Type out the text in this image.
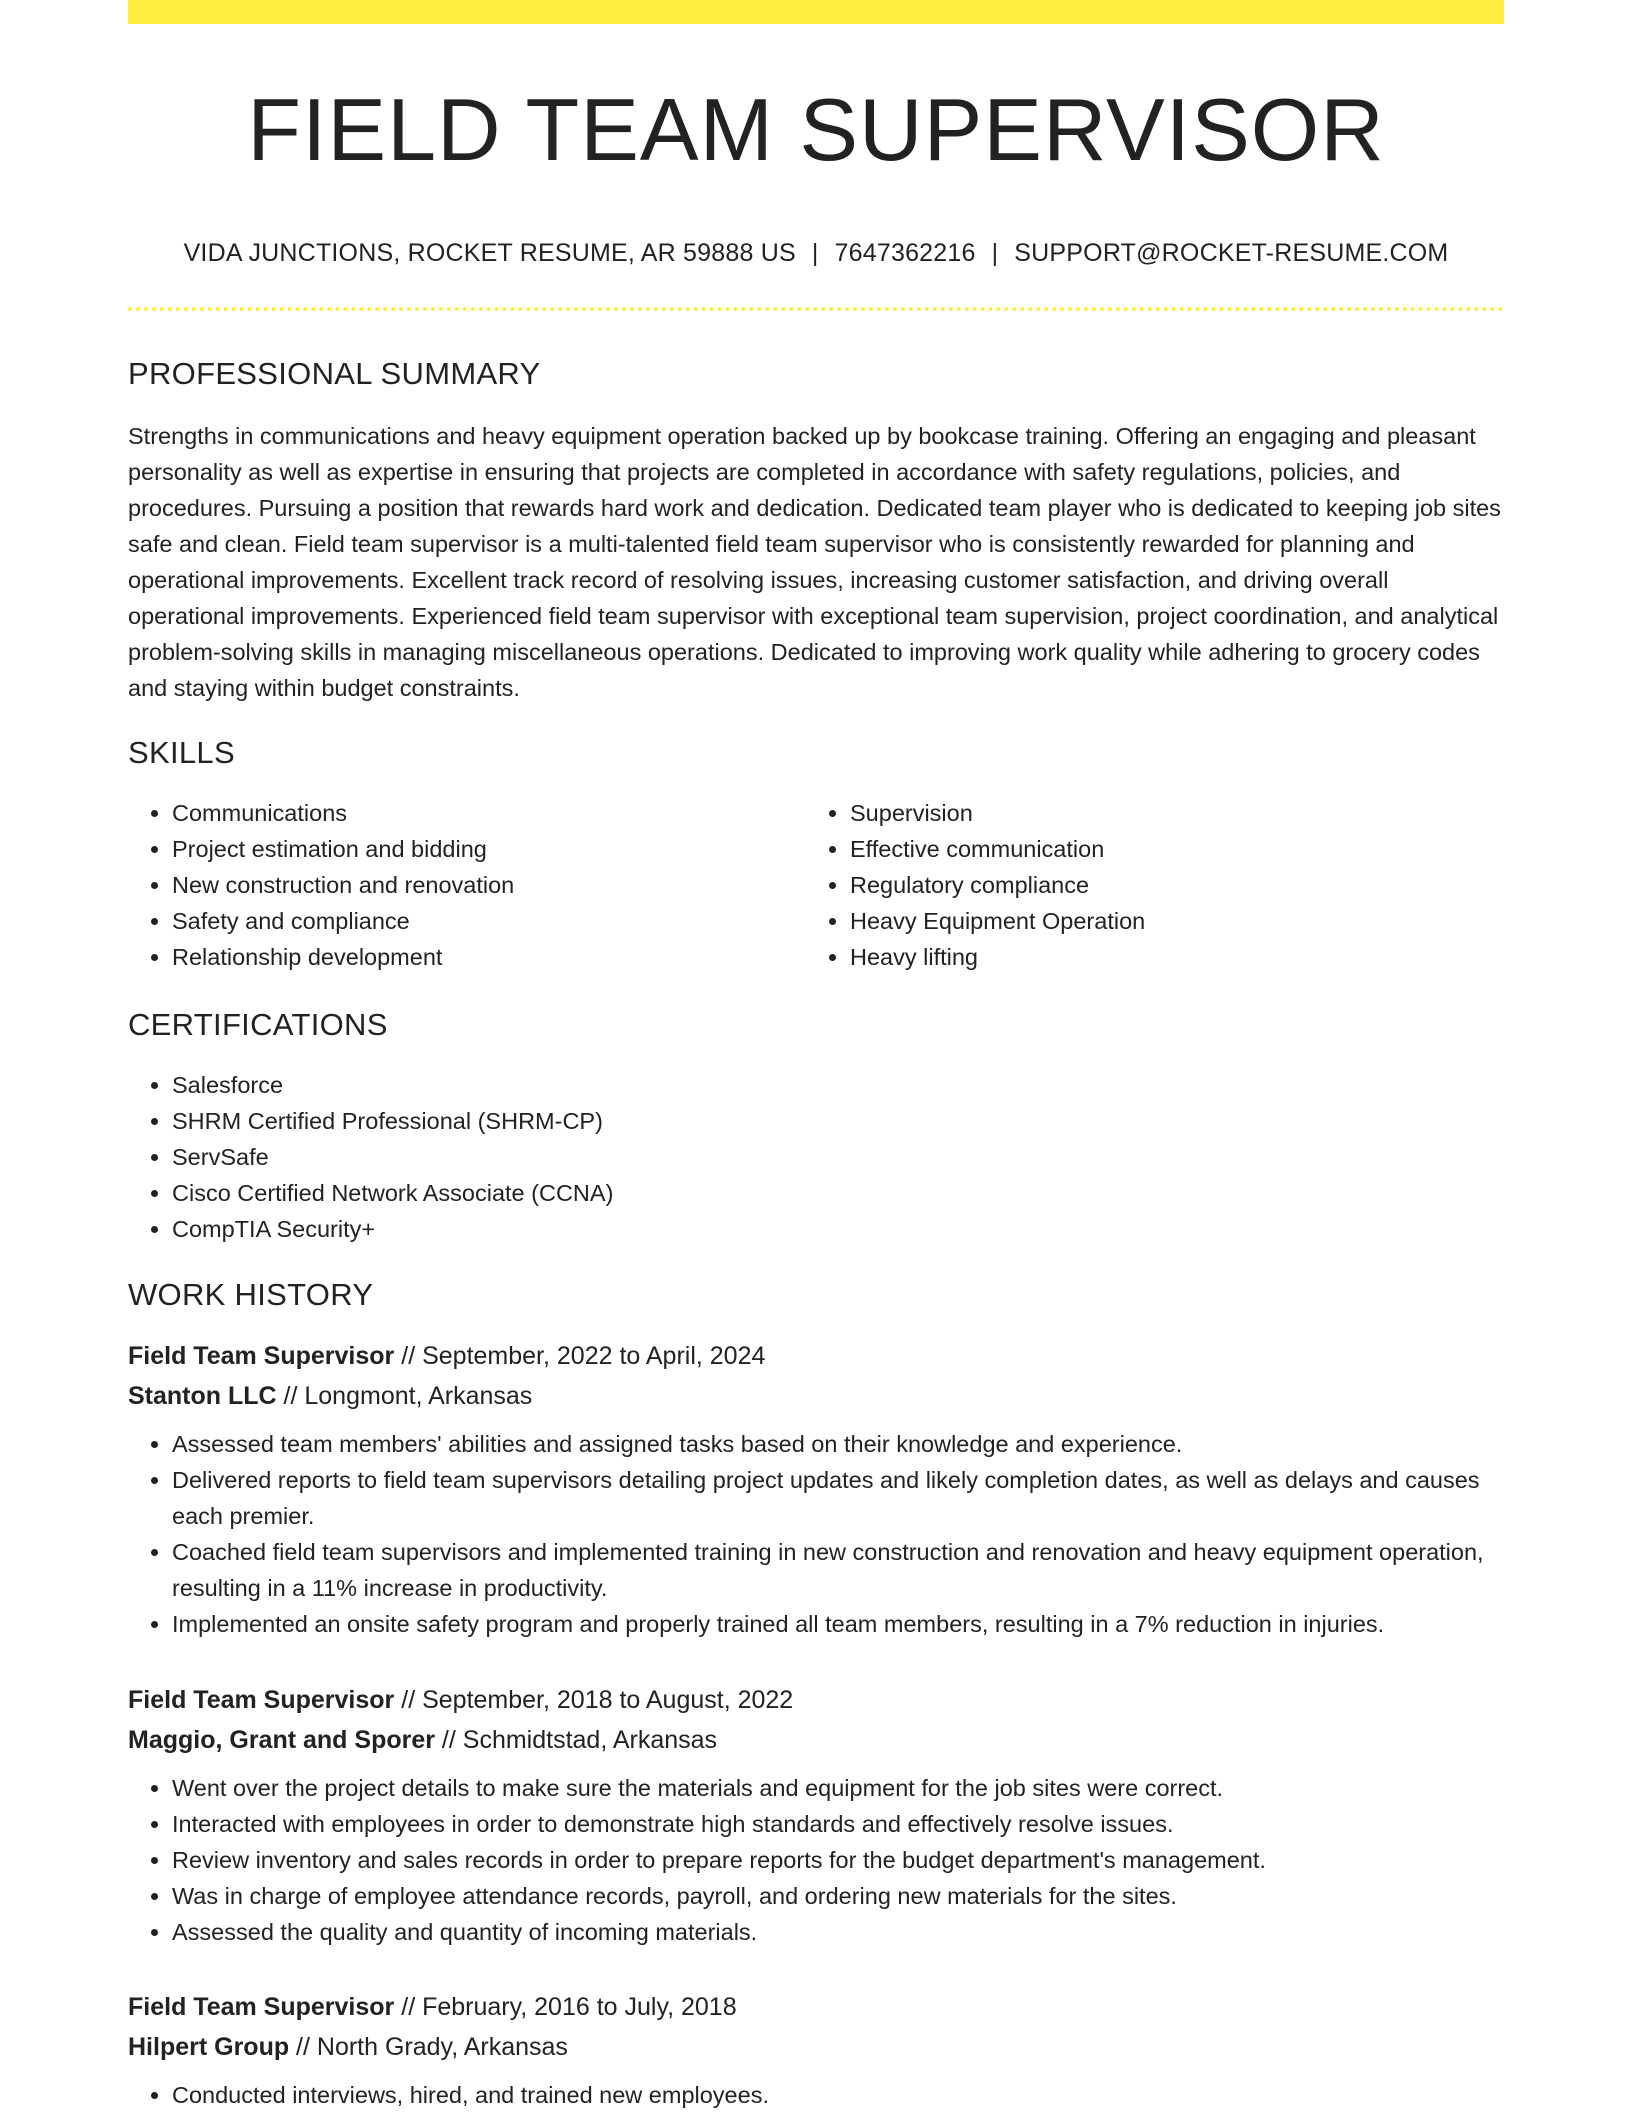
FIELD TEAM SUPERVISOR
VIDA JUNCTIONS, ROCKET RESUME, AR 59888 US | 7647362216 | SUPPORT@ROCKET-RESUME.COM
PROFESSIONAL SUMMARY

Strengths in communications and heavy equipment operation backed up by bookcase training. Offering an engaging and pleasant personality as well as expertise in ensuring that projects are completed in accordance with safety regulations, policies, and procedures. Pursuing a position that rewards hard work and dedication. Dedicated team player who is dedicated to keeping job sites safe and clean. Field team supervisor is a multi-talented field team supervisor who is consistently rewarded for planning and operational improvements. Excellent track record of resolving issues, increasing customer satisfaction, and driving overall operational improvements. Experienced field team supervisor with exceptional team supervision, project coordination, and analytical problem-solving skills in managing miscellaneous operations. Dedicated to improving work quality while adhering to grocery codes and staying within budget constraints.

SKILLS
• Communications
• Project estimation and bidding
• New construction and renovation
• Safety and compliance
• Relationship development
• Supervision
• Effective communication
• Regulatory compliance
• Heavy Equipment Operation
• Heavy lifting
CERTIFICATIONS
• Salesforce
• SHRM Certified Professional (SHRM-CP)
• ServSafe
• Cisco Certified Network Associate (CCNA)
• CompTIA Security+
WORK HISTORY
Field Team Supervisor // September, 2022 to April, 2024
Stanton LLC // Longmont, Arkansas
• Assessed team members' abilities and assigned tasks based on their knowledge and experience.
• Delivered reports to field team supervisors detailing project updates and likely completion dates, as well as delays and causes each premier.
• Coached field team supervisors and implemented training in new construction and renovation and heavy equipment operation, resulting in a 11% increase in productivity.
• Implemented an onsite safety program and properly trained all team members, resulting in a 7% reduction in injuries.
Field Team Supervisor // September, 2018 to August, 2022
Maggio, Grant and Sporer // Schmidtstad, Arkansas
• Went over the project details to make sure the materials and equipment for the job sites were correct.
• Interacted with employees in order to demonstrate high standards and effectively resolve issues.
• Review inventory and sales records in order to prepare reports for the budget department's management.
• Was in charge of employee attendance records, payroll, and ordering new materials for the sites.
• Assessed the quality and quantity of incoming materials.
Field Team Supervisor // February, 2016 to July, 2018
Hilpert Group // North Grady, Arkansas
• Conducted interviews, hired, and trained new employees.
